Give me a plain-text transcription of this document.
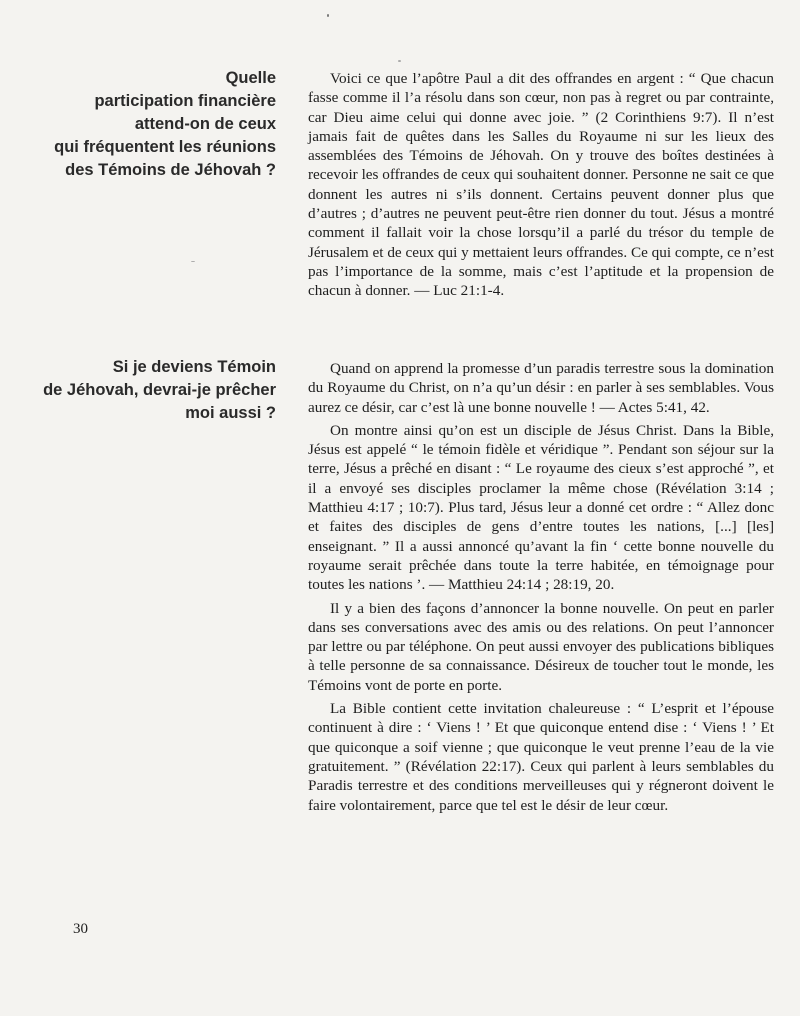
Quelle
participation financière
attend-on de ceux
qui fréquentent les réunions
des Témoins de Jéhovah ?

Voici ce que l’apôtre Paul a dit des offrandes en argent : “ Que chacun fasse comme il l’a résolu dans son cœur, non pas à regret ou par contrainte, car Dieu aime celui qui donne avec joie. ” (2 Corinthiens 9:7). Il n’est jamais fait de quêtes dans les Salles du Royaume ni sur les lieux des assemblées des Témoins de Jéhovah. On y trouve des boîtes destinées à recevoir les offrandes de ceux qui souhaitent donner. Personne ne sait ce que donnent les autres ni s’ils donnent. Certains peuvent donner plus que d’autres ; d’autres ne peuvent peut-être rien donner du tout. Jésus a montré comment il fallait voir la chose lorsqu’il a parlé du trésor du temple de Jérusalem et de ceux qui y mettaient leurs offrandes. Ce qui compte, ce n’est pas l’importance de la somme, mais c’est l’aptitude et la propension de chacun à donner. — Luc 21:1-4.

Si je deviens Témoin
de Jéhovah, devrai-je prêcher
moi aussi ?

Quand on apprend la promesse d’un paradis terrestre sous la domination du Royaume du Christ, on n’a qu’un désir : en parler à ses semblables. Vous aurez ce désir, car c’est là une bonne nouvelle ! — Actes 5:41, 42.

On montre ainsi qu’on est un disciple de Jésus Christ. Dans la Bible, Jésus est appelé “ le témoin fidèle et véridique ”. Pendant son séjour sur la terre, Jésus a prêché en disant : “ Le royaume des cieux s’est approché ”, et il a envoyé ses disciples proclamer la même chose (Révélation 3:14 ; Matthieu 4:17 ; 10:7). Plus tard, Jésus leur a donné cet ordre : “ Allez donc et faites des disciples de gens d’entre toutes les nations, [...] [les] enseignant. ” Il a aussi annoncé qu’avant la fin ‘ cette bonne nouvelle du royaume serait prêchée dans toute la terre habitée, en témoignage pour toutes les nations ’. — Matthieu 24:14 ; 28:19, 20.

Il y a bien des façons d’annoncer la bonne nouvelle. On peut en parler dans ses conversations avec des amis ou des relations. On peut l’annoncer par lettre ou par téléphone. On peut aussi envoyer des publications bibliques à telle personne de sa connaissance. Désireux de toucher tout le monde, les Témoins vont de porte en porte.

La Bible contient cette invitation chaleureuse : “ L’esprit et l’épouse continuent à dire : ‘ Viens ! ’ Et que quiconque entend dise : ‘ Viens ! ’ Et que quiconque a soif vienne ; que quiconque le veut prenne l’eau de la vie gratuitement. ” (Révélation 22:17). Ceux qui parlent à leurs semblables du Paradis terrestre et des conditions merveilleuses qui y régneront doivent le faire volontairement, parce que tel est le désir de leur cœur.

30
